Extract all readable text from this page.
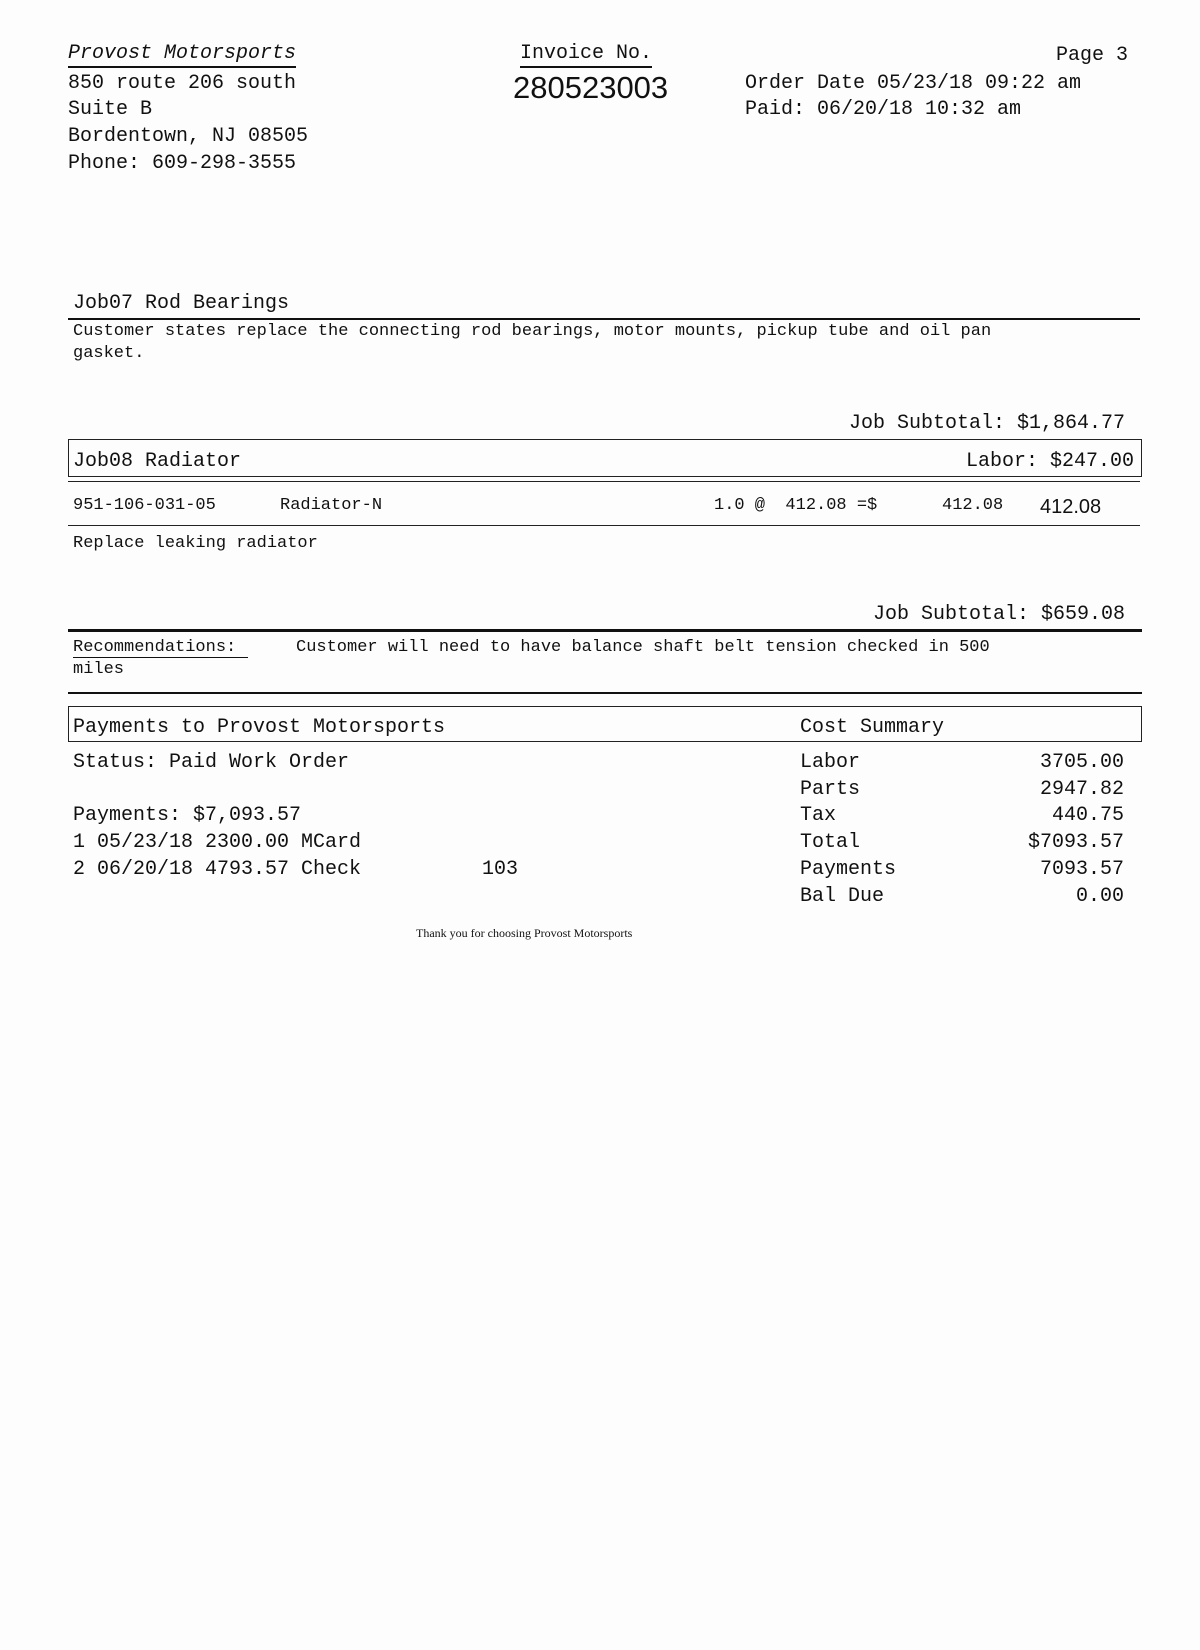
Provost Motorsports
850 route 206 south
Suite B
Bordentown, NJ 08505
Phone: 609-298-3555
Invoice No.
280523003
Page 3
Order Date 05/23/18 09:22 am
Paid: 06/20/18 10:32 am
Job07 Rod Bearings
Customer states replace the connecting rod bearings, motor mounts, pickup tube and oil pan
gasket.
Job Subtotal: $1,864.77
Job08 Radiator	Labor: $247.00
951-106-031-05	Radiator-N	1.0 @  412.08 =$	412.08 412.08
Replace leaking radiator
Job Subtotal: $659.08
Recommendations:	Customer will need to have balance shaft belt tension checked in 500
miles
Payments to Provost Motorsports	Cost Summary
Status: Paid Work Order
Payments: $7,093.57
1 05/23/18 2300.00 MCard
2 06/20/18 4793.57 Check	103
Labor	3705.00
Parts	2947.82
Tax	440.75
Total	$7093.57
Payments	7093.57
Bal Due	0.00
Thank you for choosing Provost Motorsports
